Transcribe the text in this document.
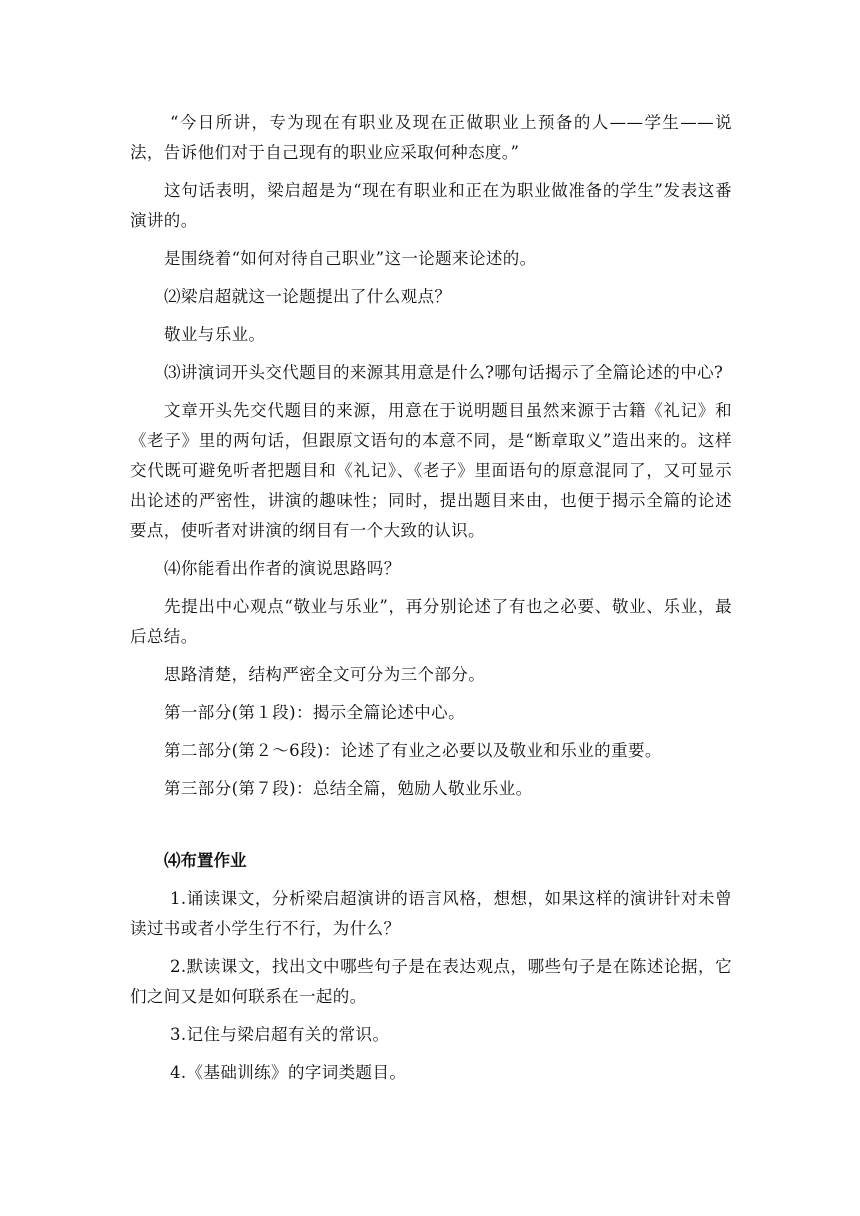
“今日所讲，专为现在有职业及现在正做职业上预备的人——学生——说法，告诉他们对于自己现有的职业应采取何种态度。”

这句话表明，梁启超是为“现在有职业和正在为职业做准备的学生”发表这番演讲的。

是围绕着“如何对待自己职业”这一论题来论述的。

⑵梁启超就这一论题提出了什么观点？

敬业与乐业。

⑶讲演词开头交代题目的来源其用意是什么?哪句话揭示了全篇论述的中心?

文章开头先交代题目的来源，用意在于说明题目虽然来源于古籍《礼记》和《老子》里的两句话，但跟原文语句的本意不同，是“断章取义”造出来的。这样交代既可避免听者把题目和《礼记》、《老子》里面语句的原意混同了，又可显示出论述的严密性，讲演的趣味性；同时，提出题目来由，也便于揭示全篇的论述要点，使听者对讲演的纲目有一个大致的认识。

⑷你能看出作者的演说思路吗？

先提出中心观点“敬业与乐业”，再分别论述了有也之必要、敬业、乐业，最后总结。

思路清楚，结构严密全文可分为三个部分。

第一部分(第１段)：揭示全篇论述中心。

第二部分(第２～6段)：论述了有业之必要以及敬业和乐业的重要。

第三部分(第７段)：总结全篇，勉励人敬业乐业。

⑷布置作业

1.诵读课文，分析梁启超演讲的语言风格，想想，如果这样的演讲针对未曾读过书或者小学生行不行，为什么？

2.默读课文，找出文中哪些句子是在表达观点，哪些句子是在陈述论据，它们之间又是如何联系在一起的。

3.记住与梁启超有关的常识。

4.《基础训练》的字词类题目。
